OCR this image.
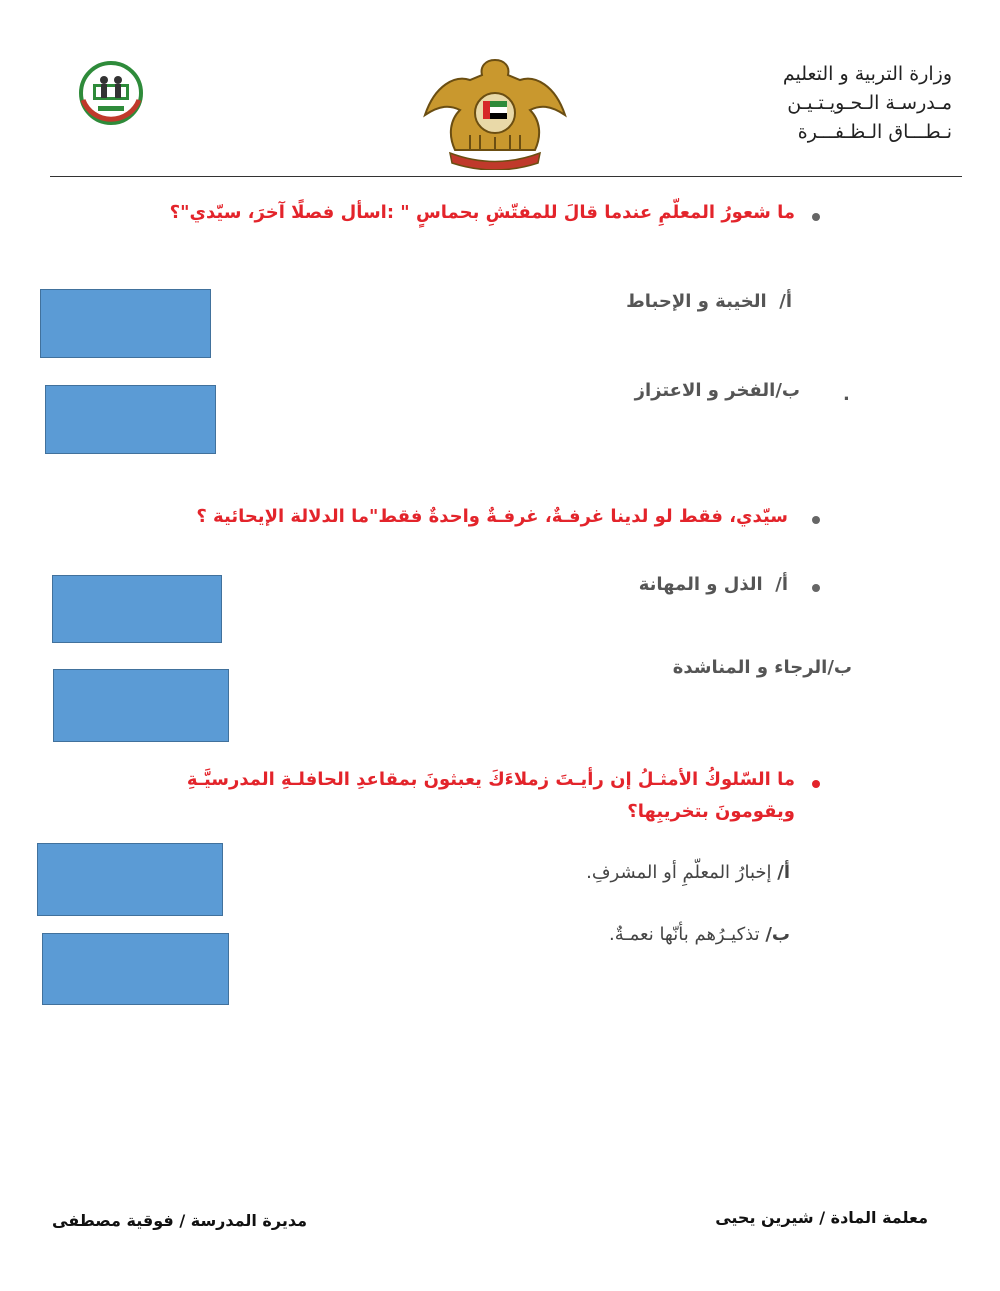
وزارة التربية و التعليم
مـدرسـة الـحـويـتـيـن
نـطـــاق الـظـفـــرة
ما شعورُ المعلّمِ عندما قالَ للمفتّشِ بحماسٍ " :اسأل فصلًا آخرَ، سيّدي"؟
أ/  الخيبة و الإحباط
ب/الفخر و الاعتزاز	.
سيّدي، فقط لو لدينا غرفـةٌ، غرفـةٌ واحدةٌ فقط"ما الدلالة الإيحائية ؟
أ/  الذل و المهانة
ب/الرجاء و المناشدة
ما السّلوكُ الأمثـلُ إن رأيـتَ زملاءَكَ يعبثونَ بمقاعدِ الحافلـةِ المدرسيَّـةِ
ويقومونَ بتخريبِها؟
أ/ إخبارُ المعلّمِ أو المشرفِ.
ب/ تذكيـرُهم بأنّها نعمـةٌ.
معلمة المادة / شيرين يحيى
مديرة المدرسة / فوقية مصطفى
